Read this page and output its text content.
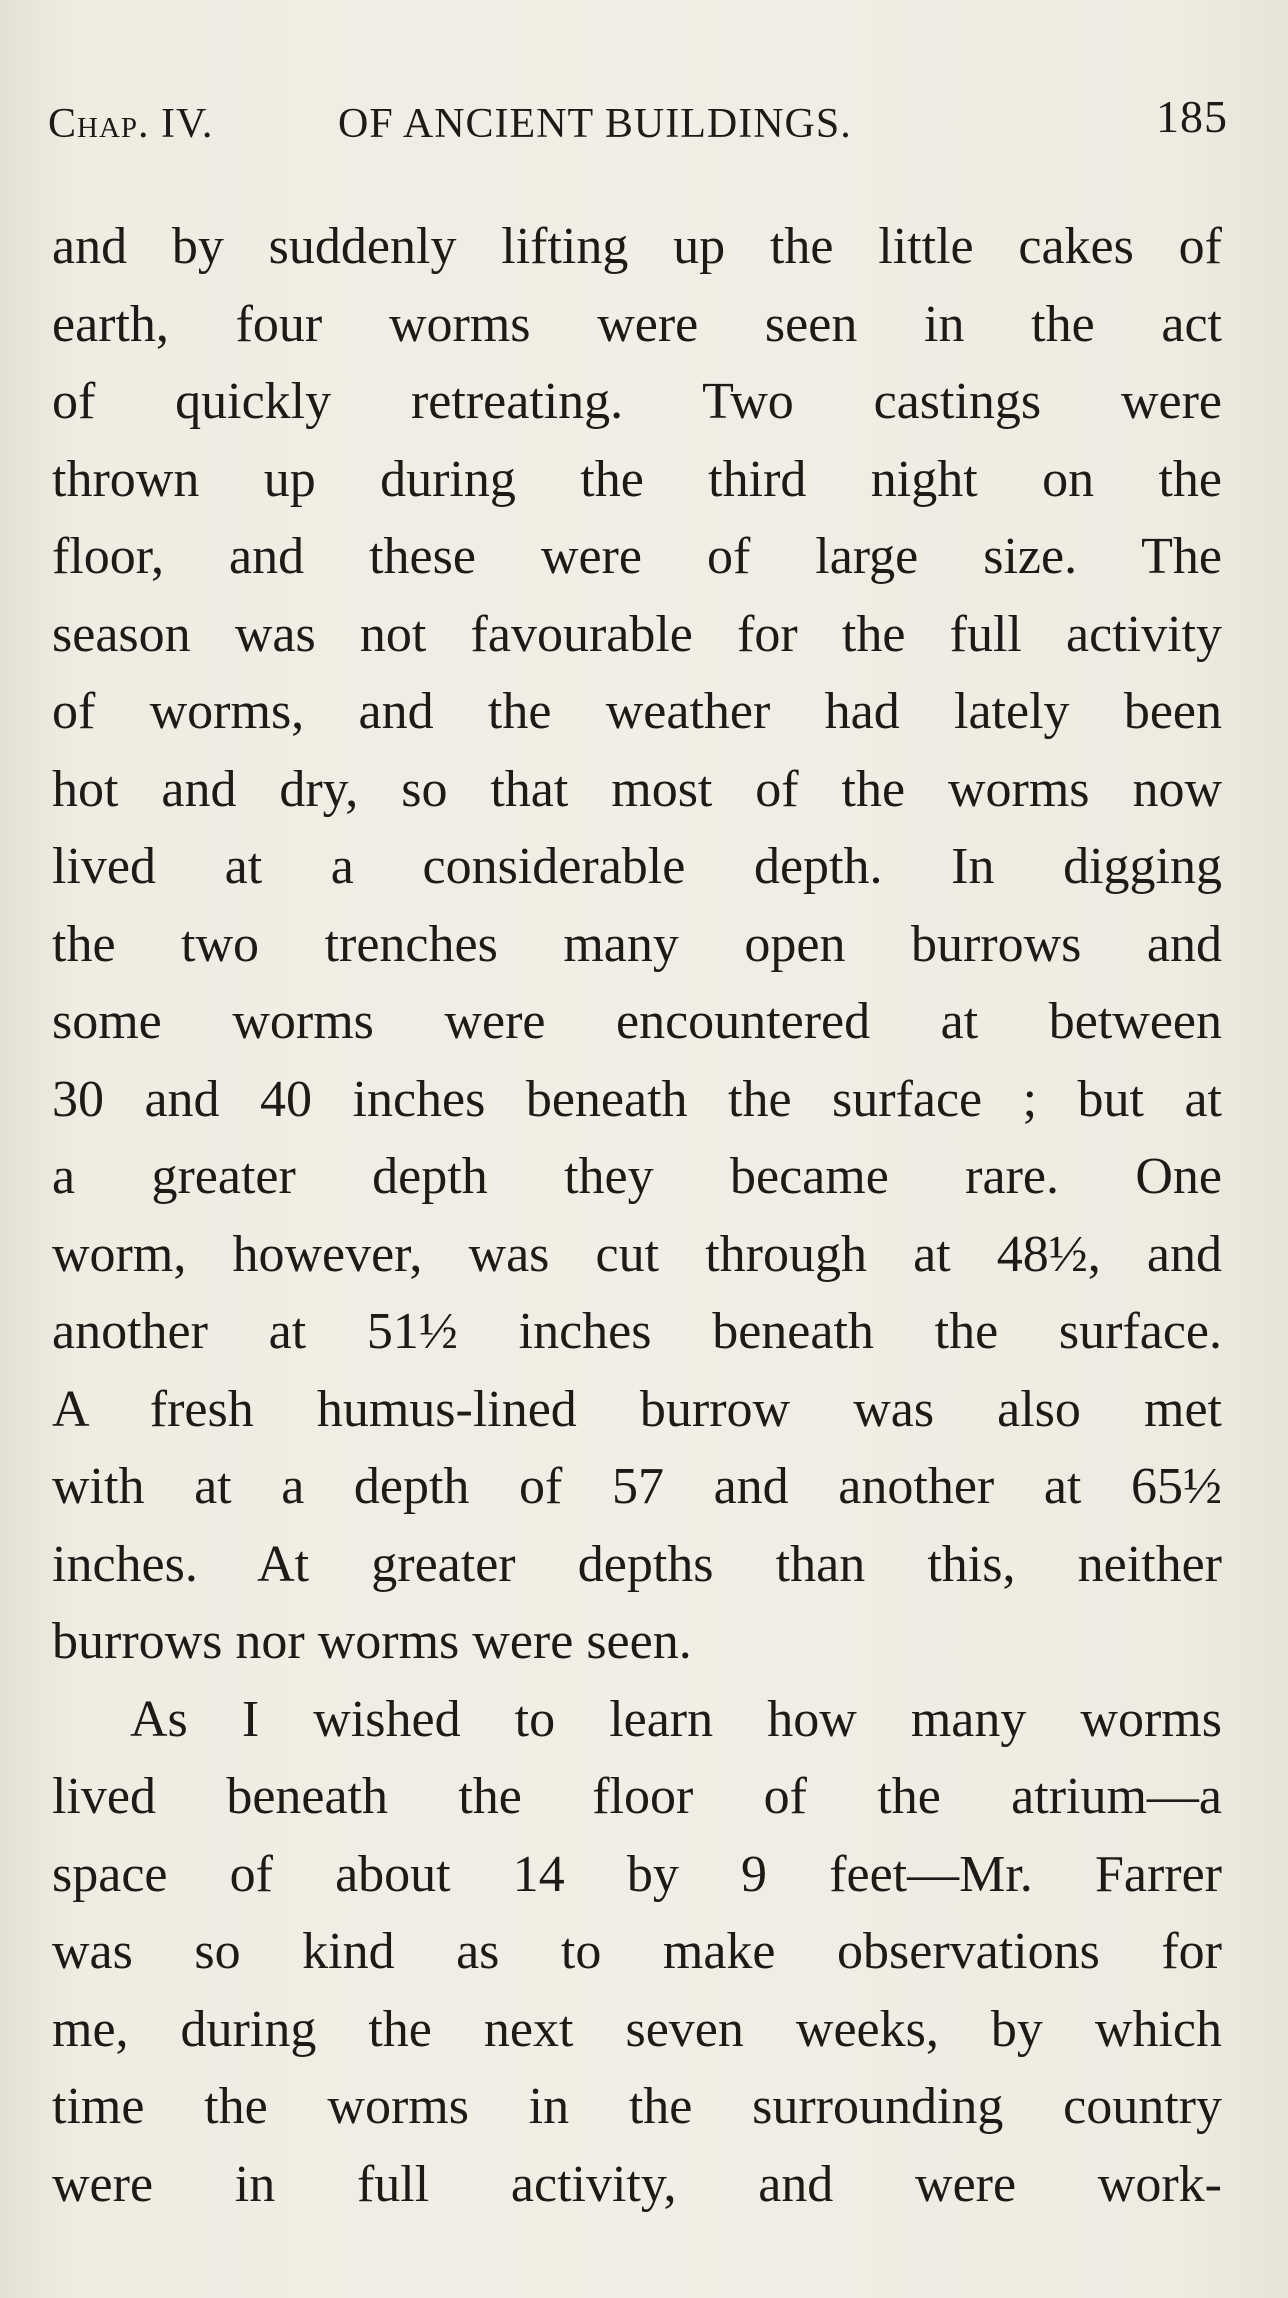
Chap. IV.	OF ANCIENT BUILDINGS.	185
and by suddenly lifting up the little cakes of
earth, four worms were seen in the act
of quickly retreating. Two castings were
thrown up during the third night on the
floor, and these were of large size. The
season was not favourable for the full activity
of worms, and the weather had lately been
hot and dry, so that most of the worms now
lived at a considerable depth. In digging
the two trenches many open burrows and
some worms were encountered at between
30 and 40 inches beneath the surface ; but at
a greater depth they became rare. One
worm, however, was cut through at 48½, and
another at 51½ inches beneath the surface.
A fresh humus-lined burrow was also met
with at a depth of 57 and another at 65½
inches. At greater depths than this, neither
burrows nor worms were seen.
As I wished to learn how many worms
lived beneath the floor of the atrium—a
space of about 14 by 9 feet—Mr. Farrer
was so kind as to make observations for
me, during the next seven weeks, by which
time the worms in the surrounding country
were in full activity, and were work-
